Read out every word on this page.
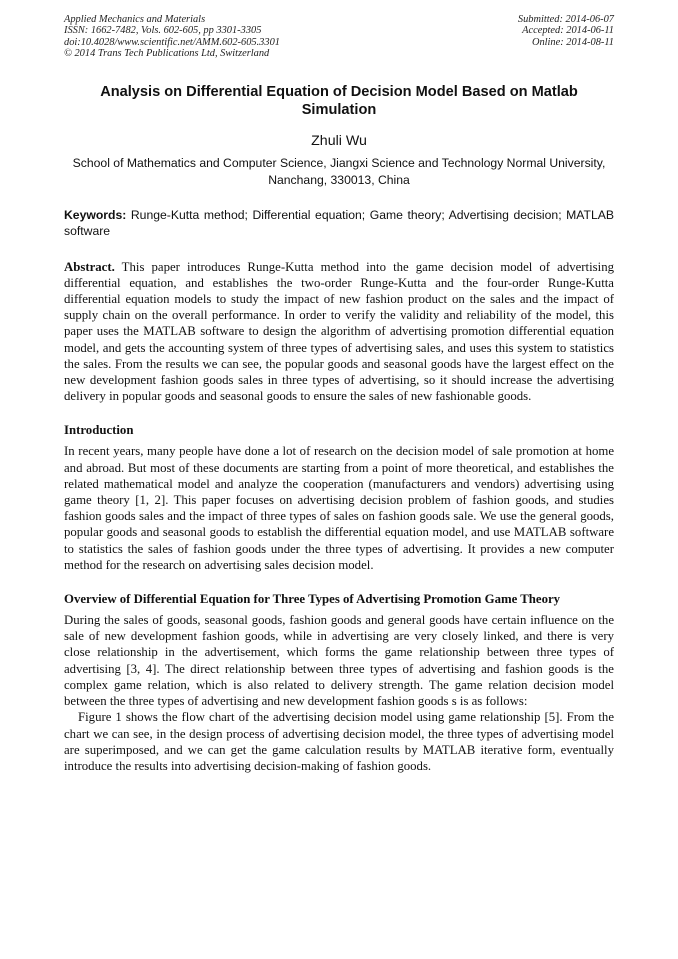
Applied Mechanics and Materials
ISSN: 1662-7482, Vols. 602-605, pp 3301-3305
doi:10.4028/www.scientific.net/AMM.602-605.3301
© 2014 Trans Tech Publications Ltd, Switzerland
Submitted: 2014-06-07
Accepted: 2014-06-11
Online: 2014-08-11
Analysis on Differential Equation of Decision Model Based on Matlab Simulation
Zhuli Wu
School of Mathematics and Computer Science, Jiangxi Science and Technology Normal University, Nanchang, 330013, China
Keywords: Runge-Kutta method; Differential equation; Game theory; Advertising decision; MATLAB software
Abstract. This paper introduces Runge-Kutta method into the game decision model of advertising differential equation, and establishes the two-order Runge-Kutta and the four-order Runge-Kutta differential equation models to study the impact of new fashion product on the sales and the impact of supply chain on the overall performance. In order to verify the validity and reliability of the model, this paper uses the MATLAB software to design the algorithm of advertising promotion differential equation model, and gets the accounting system of three types of advertising sales, and uses this system to statistics the sales. From the results we can see, the popular goods and seasonal goods have the largest effect on the new development fashion goods sales in three types of advertising, so it should increase the advertising delivery in popular goods and seasonal goods to ensure the sales of new fashionable goods.
Introduction

In recent years, many people have done a lot of research on the decision model of sale promotion at home and abroad. But most of these documents are starting from a point of more theoretical, and establishes the related mathematical model and analyze the cooperation (manufacturers and vendors) advertising using game theory [1, 2]. This paper focuses on advertising decision problem of fashion goods, and studies fashion goods sales and the impact of three types of sales on fashion goods sale. We use the general goods, popular goods and seasonal goods to establish the differential equation model, and use MATLAB software to statistics the sales of fashion goods under the three types of advertising. It provides a new computer method for the research on advertising sales decision model.

Overview of Differential Equation for Three Types of Advertising Promotion Game Theory

During the sales of goods, seasonal goods, fashion goods and general goods have certain influence on the sale of new development fashion goods, while in advertising are very closely linked, and there is very close relationship in the advertisement, which forms the game relationship between three types of advertising [3, 4]. The direct relationship between three types of advertising and fashion goods is the complex game relation, which is also related to delivery strength. The game relation decision model between the three types of advertising and new development fashion goods s is as follows:

Figure 1 shows the flow chart of the advertising decision model using game relationship [5]. From the chart we can see, in the design process of advertising decision model, the three types of advertising model are superimposed, and we can get the game calculation results by MATLAB iterative form, eventually introduce the results into advertising decision-making of fashion goods.
